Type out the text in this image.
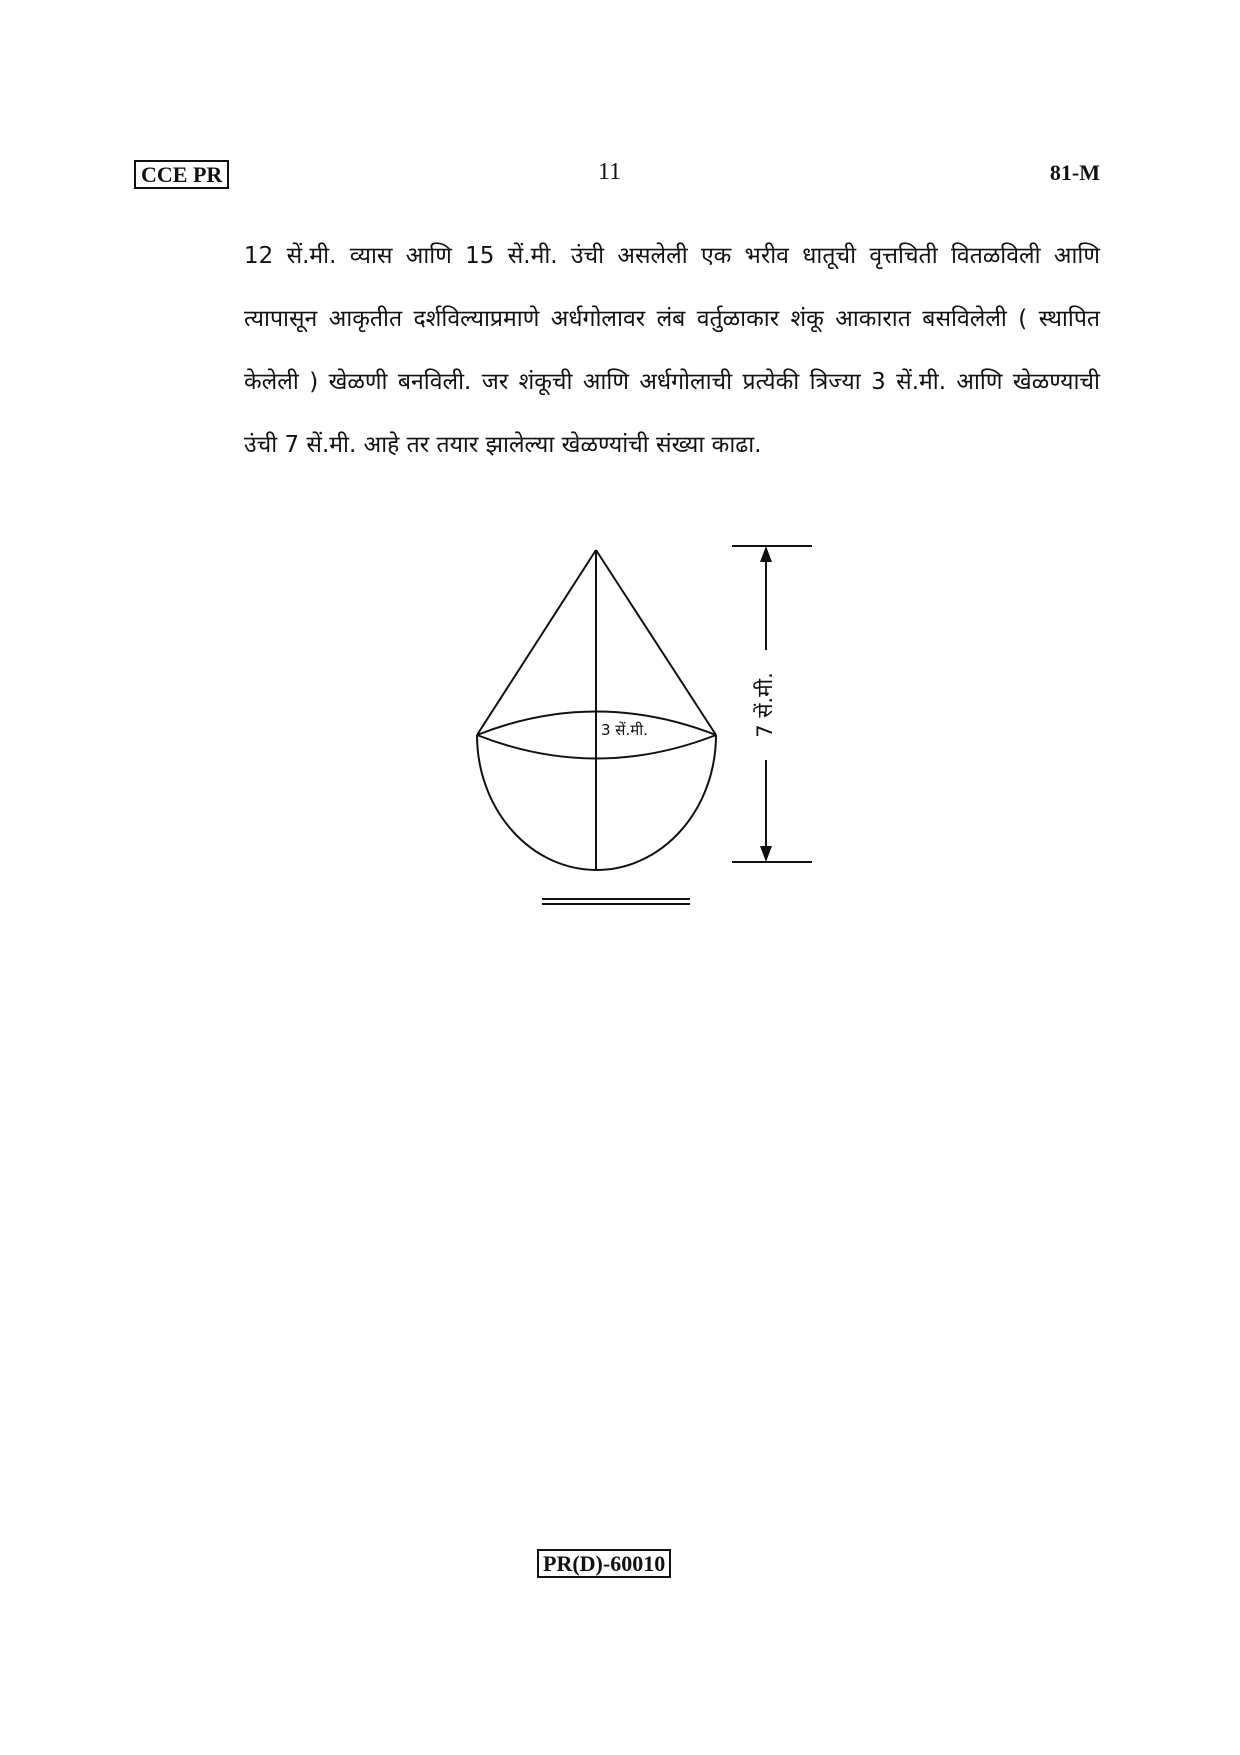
CCE PR	11	81-M

12 सें.मी. व्यास आणि 15 सें.मी. उंची असलेली एक भरीव धातूची वृत्तचिती वितळविली आणि त्यापासून आकृतीत दर्शविल्याप्रमाणे अर्धगोलावर लंब वर्तुळाकार शंकू आकारात बसविलेली ( स्थापित केलेली ) खेळणी बनविली. जर शंकूची आणि अर्धगोलाची प्रत्येकी त्रिज्या 3 सें.मी. आणि खेळण्याची उंची 7 सें.मी. आहे तर तयार झालेल्या खेळण्यांची संख्या काढा.

3 सें.मी.	7 सें.मी.
PR(D)-60010
